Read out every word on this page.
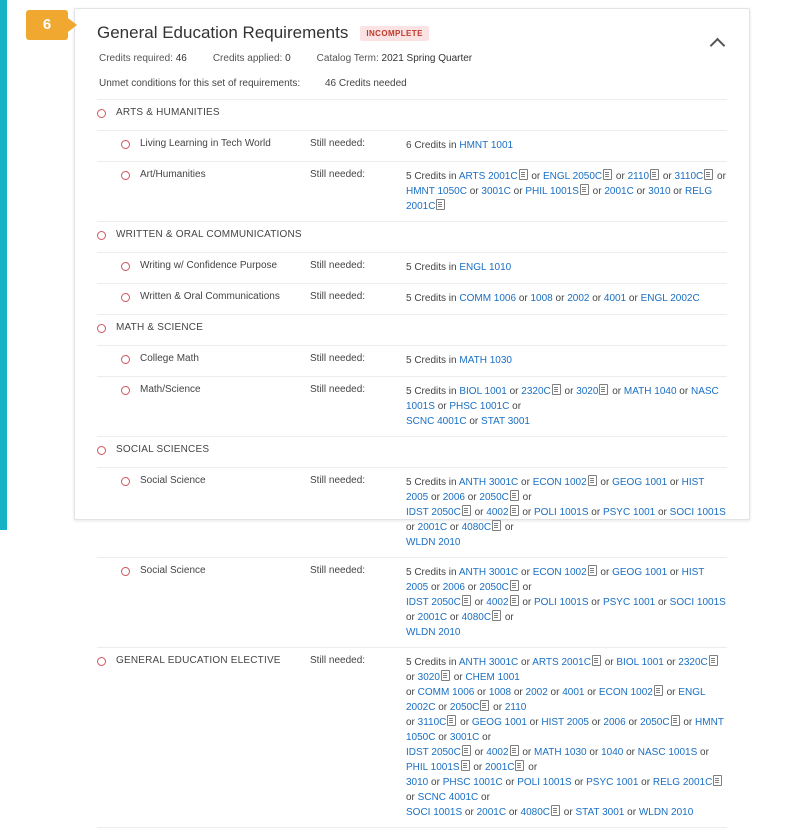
6	General Education Requirements	INCOMPLETE
Credits required: 46	Credits applied: 0	Catalog Term: 2021 Spring Quarter
Unmet conditions for this set of requirements:	46 Credits needed
ARTS & HUMANITIES
Living Learning in Tech World	Still needed:	6 Credits in HMNT 1001
Art/Humanities	Still needed:	5 Credits in ARTS 2001C or ENGL 2050C or 2110 or 3110C or HMNT 1050C or 3001C or PHIL 1001S or 2001C or 3010 or RELG 2001C
WRITTEN & ORAL COMMUNICATIONS
Writing w/ Confidence Purpose	Still needed:	5 Credits in ENGL 1010
Written & Oral Communications	Still needed:	5 Credits in COMM 1006 or 1008 or 2002 or 4001 or ENGL 2002C
MATH & SCIENCE
College Math	Still needed:	5 Credits in MATH 1030
Math/Science	Still needed:	5 Credits in BIOL 1001 or 2320C or 3020 or MATH 1040 or NASC 1001S or PHSC 1001C or
SCNC 4001C or STAT 3001
SOCIAL SCIENCES
Social Science	Still needed:	5 Credits in ANTH 3001C or ECON 1002 or GEOG 1001 or HIST 2005 or 2006 or 2050C or
IDST 2050C or 4002 or POLI 1001S or PSYC 1001 or SOCI 1001S or 2001C or 4080C or
WLDN 2010
Social Science	Still needed:	5 Credits in ANTH 3001C or ECON 1002 or GEOG 1001 or HIST 2005 or 2006 or 2050C or
IDST 2050C or 4002 or POLI 1001S or PSYC 1001 or SOCI 1001S or 2001C or 4080C or
WLDN 2010
GENERAL EDUCATION ELECTIVE	Still needed:	5 Credits in ANTH 3001C or ARTS 2001C or BIOL 1001 or 2320C or 3020 or CHEM 1001
or COMM 1006 or 1008 or 2002 or 4001 or ECON 1002 or ENGL 2002C or 2050C or 2110
or 3110C or GEOG 1001 or HIST 2005 or 2006 or 2050C or HMNT 1050C or 3001C or
IDST 2050C or 4002 or MATH 1030 or 1040 or NASC 1001S or PHIL 1001S or 2001C or
3010 or PHSC 1001C or POLI 1001S or PSYC 1001 or RELG 2001C or SCNC 4001C or
SOCI 1001S or 2001C or 4080C or STAT 3001 or WLDN 2010
